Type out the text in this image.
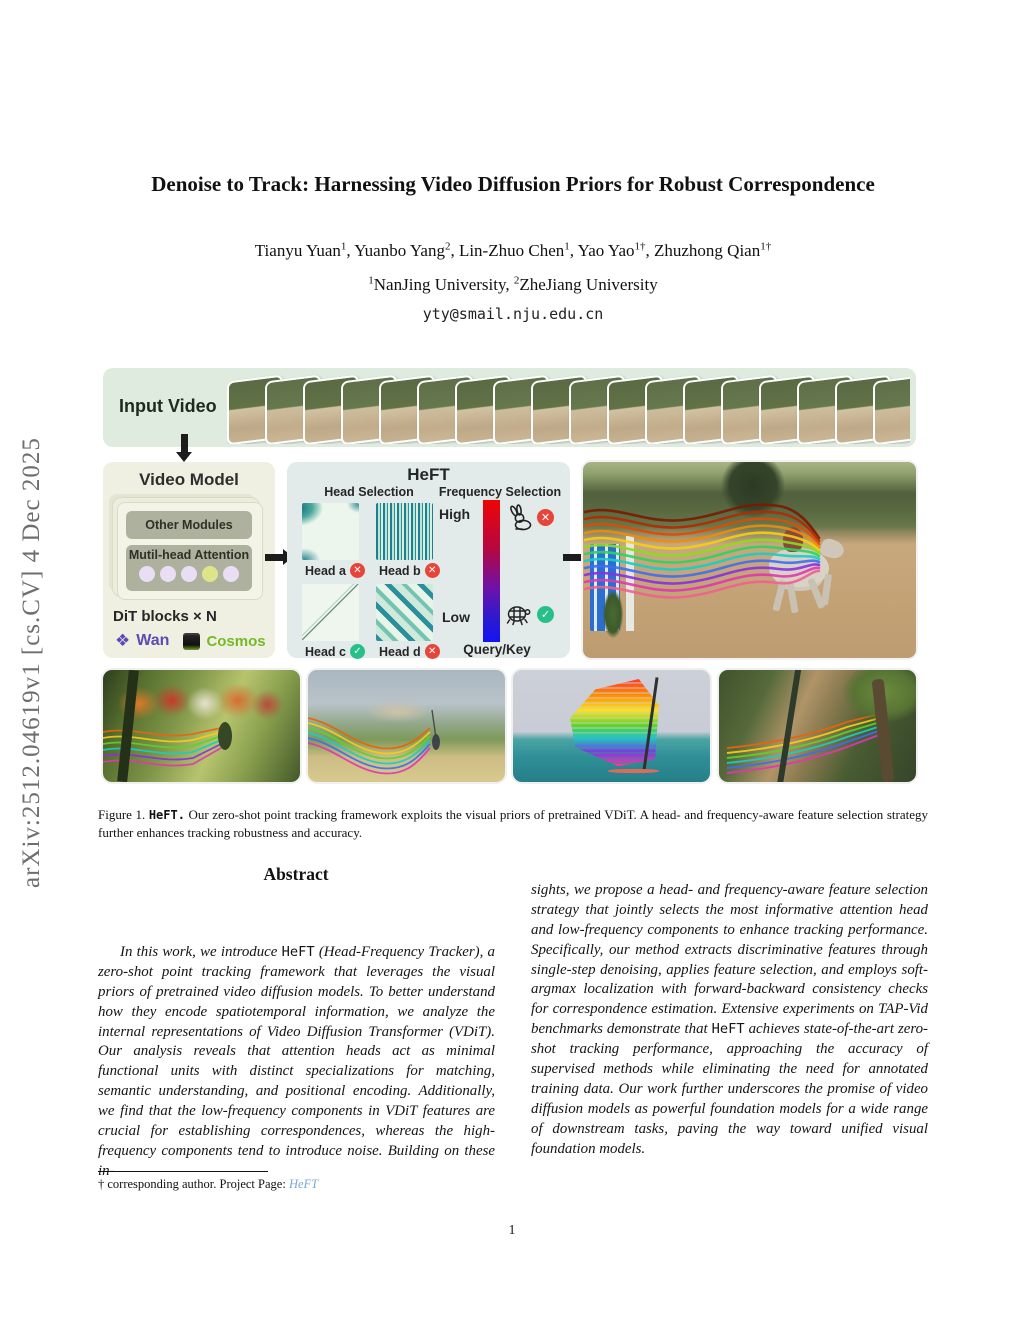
arXiv:2512.04619v1 [cs.CV] 4 Dec 2025
Denoise to Track: Harnessing Video Diffusion Priors for Robust Correspondence
Tianyu Yuan$^1$, Yuanbo Yang$^2$, Lin-Zhuo Chen$^1$, Yao Yao$^{1\dagger}$, Zhuzhong Qian$^{1\dagger}$
$^1$NanJing University, $^2$ZheJiang University
yty@smail.nju.edu.cn
Input Video
Video Model
Other Modules
Mutil-head Attention
DiT blocks × N
❖ Wan Cosmos
HeFT
Head Selection	Frequency Selection
Head a ✕ Head b ✕
Head c ✓ Head d ✕
High
Low
✕
✓
Query/Key

Figure 1. HeFT. Our zero-shot point tracking framework exploits the visual priors of pretrained VDiT. A head- and frequency-aware feature selection strategy further enhances tracking robustness and accuracy.

Abstract

In this work, we introduce HeFT (Head-Frequency Tracker), a zero-shot point tracking framework that leverages the visual priors of pretrained video diffusion models. To better understand how they encode spatiotemporal information, we analyze the internal representations of Video Diffusion Transformer (VDiT). Our analysis reveals that attention heads act as minimal functional units with distinct specializations for matching, semantic understanding, and positional encoding. Additionally, we find that the low-frequency components in VDiT features are crucial for establishing correspondences, whereas the high-frequency components tend to introduce noise. Building on these in-

sights, we propose a head- and frequency-aware feature selection strategy that jointly selects the most informative attention head and low-frequency components to enhance tracking performance. Specifically, our method extracts discriminative features through single-step denoising, applies feature selection, and employs soft-argmax localization with forward-backward consistency checks for correspondence estimation. Extensive experiments on TAP-Vid benchmarks demonstrate that HeFT achieves state-of-the-art zero-shot tracking performance, approaching the accuracy of supervised methods while eliminating the need for annotated training data. Our work further underscores the promise of video diffusion models as powerful foundation models for a wide range of downstream tasks, paving the way toward unified visual foundation models.

† corresponding author. Project Page: HeFT
1
